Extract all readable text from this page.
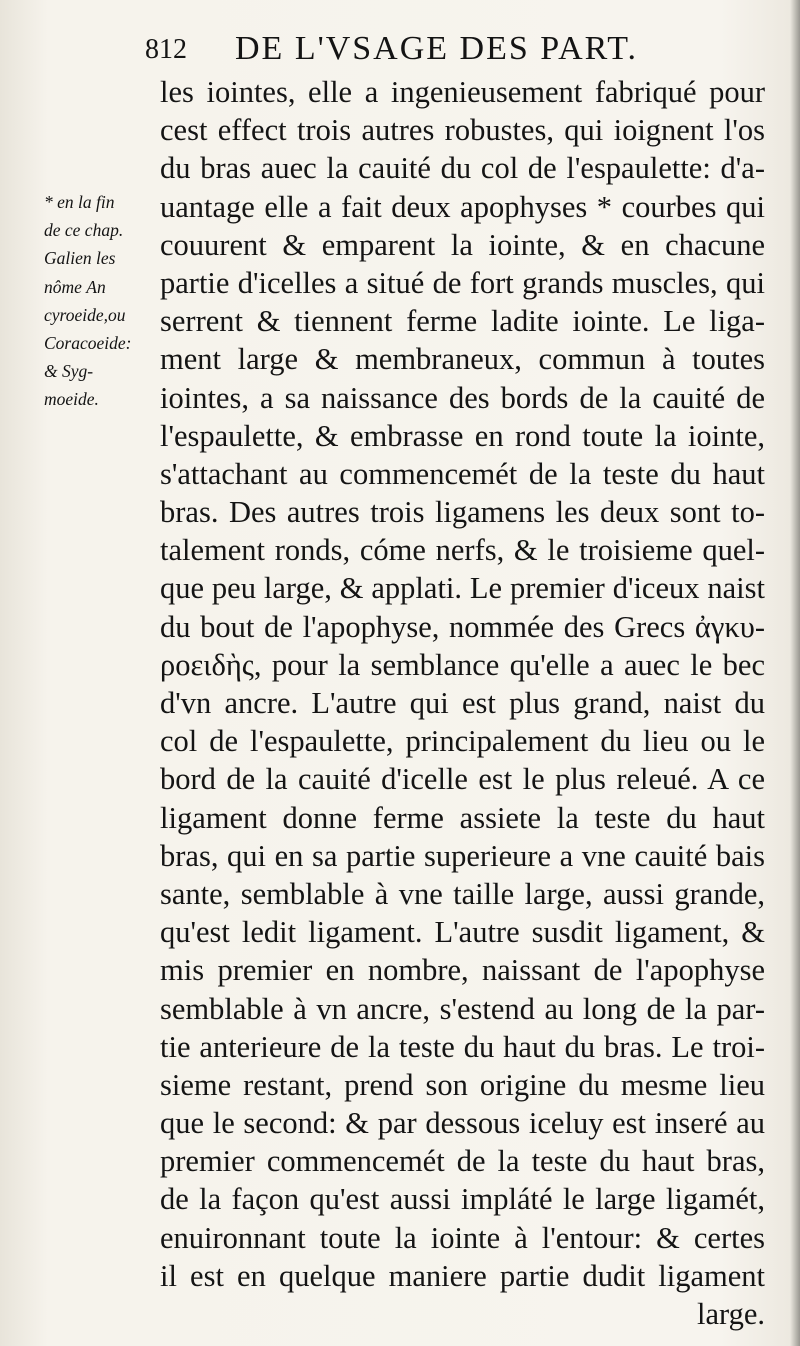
812 DE L'VSAGE DES PART.
* en la fin
de ce chap.
Galien les
nôme Αn
cyroeide,ou
Coracoeide:
& Syg-
moeide.
les iointes, elle a ingenieusement fabriqué pour
cest effect trois autres robustes, qui ioignent l'os
du bras auec la cauité du col de l'espaulette: d'a-
uantage elle a fait deux apophyses * courbes qui
couurent & emparent la iointe, & en chacune
partie d'icelles a situé de fort grands muscles, qui
serrent & tiennent ferme ladite iointe. Le liga-
ment large & membraneux, commun à toutes
iointes, a sa naissance des bords de la cauité de
l'espaulette, & embrasse en rond toute la iointe,
s'attachant au commencemét de la teste du haut
bras. Des autres trois ligamens les deux sont to-
talement ronds, cóme nerfs, & le troisieme quel-
que peu large, & applati. Le premier d'iceux naist
du bout de l'apophyse, nommée des Grecs ἀγκυ-
ροειδὴς, pour la semblance qu'elle a auec le bec
d'vn ancre. L'autre qui est plus grand, naist du
col de l'espaulette, principalement du lieu ou le
bord de la cauité d'icelle est le plus releué. A ce
ligament donne ferme assiete la teste du haut
bras, qui en sa partie superieure a vne cauité bais
sante, semblable à vne taille large, aussi grande,
qu'est ledit ligament. L'autre susdit ligament, &
mis premier en nombre, naissant de l'apophyse
semblable à vn ancre, s'estend au long de la par-
tie anterieure de la teste du haut du bras. Le troi-
sieme restant, prend son origine du mesme lieu
que le second: & par dessous iceluy est inseré au
premier commencemét de la teste du haut bras,
de la façon qu'est aussi impláté le large ligamét,
enuironnant toute la iointe à l'entour: & certes
il est en quelque maniere partie dudit ligament
large.
